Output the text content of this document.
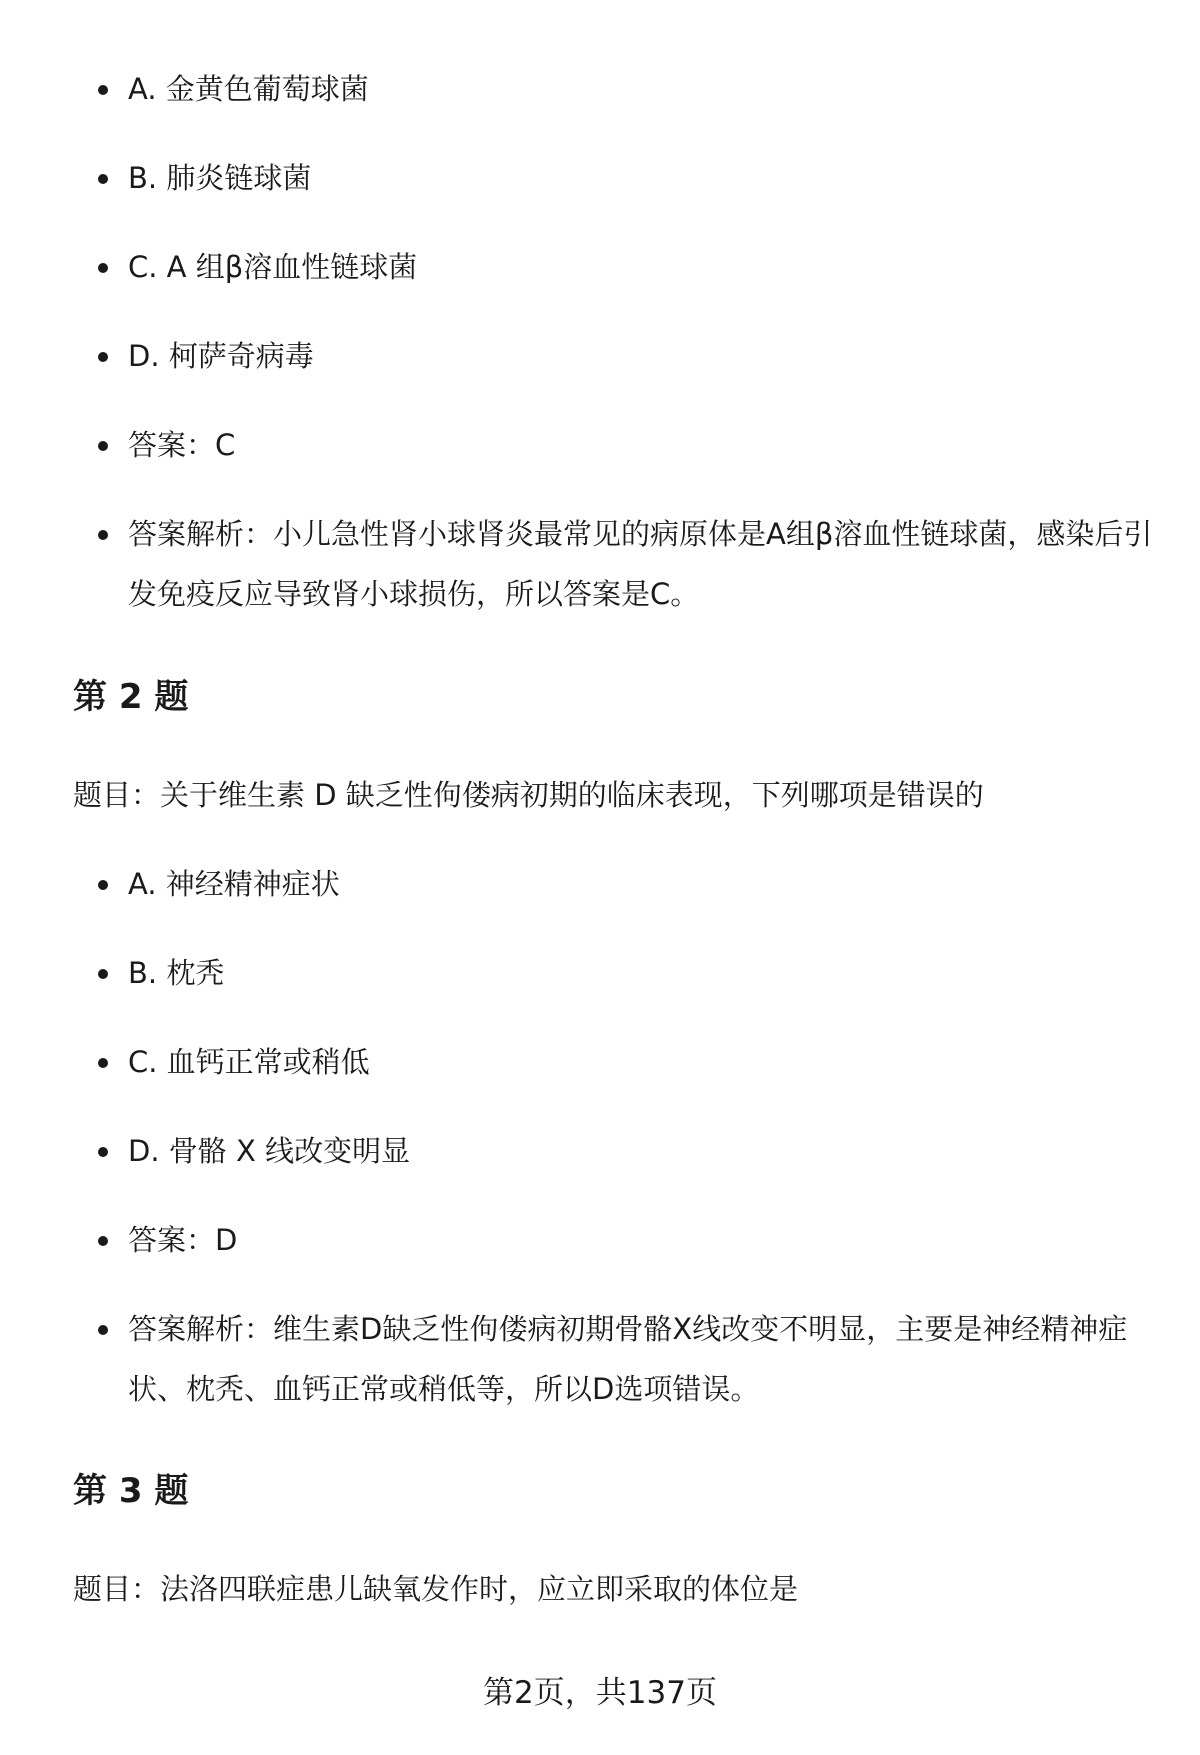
A. 金黄色葡萄球菌
B. 肺炎链球菌
C. A 组β溶血性链球菌
D. 柯萨奇病毒
答案：C
答案解析：小儿急性肾小球肾炎最常见的病原体是A组β溶血性链球菌，感染后引发免疫反应导致肾小球损伤，所以答案是C。
第 2 题
题目：关于维生素 D 缺乏性佝偻病初期的临床表现，下列哪项是错误的
A. 神经精神症状
B. 枕秃
C. 血钙正常或稍低
D. 骨骼 X 线改变明显
答案：D
答案解析：维生素D缺乏性佝偻病初期骨骼X线改变不明显，主要是神经精神症状、枕秃、血钙正常或稍低等，所以D选项错误。
第 3 题
题目：法洛四联症患儿缺氧发作时，应立即采取的体位是
第2页，共137页
